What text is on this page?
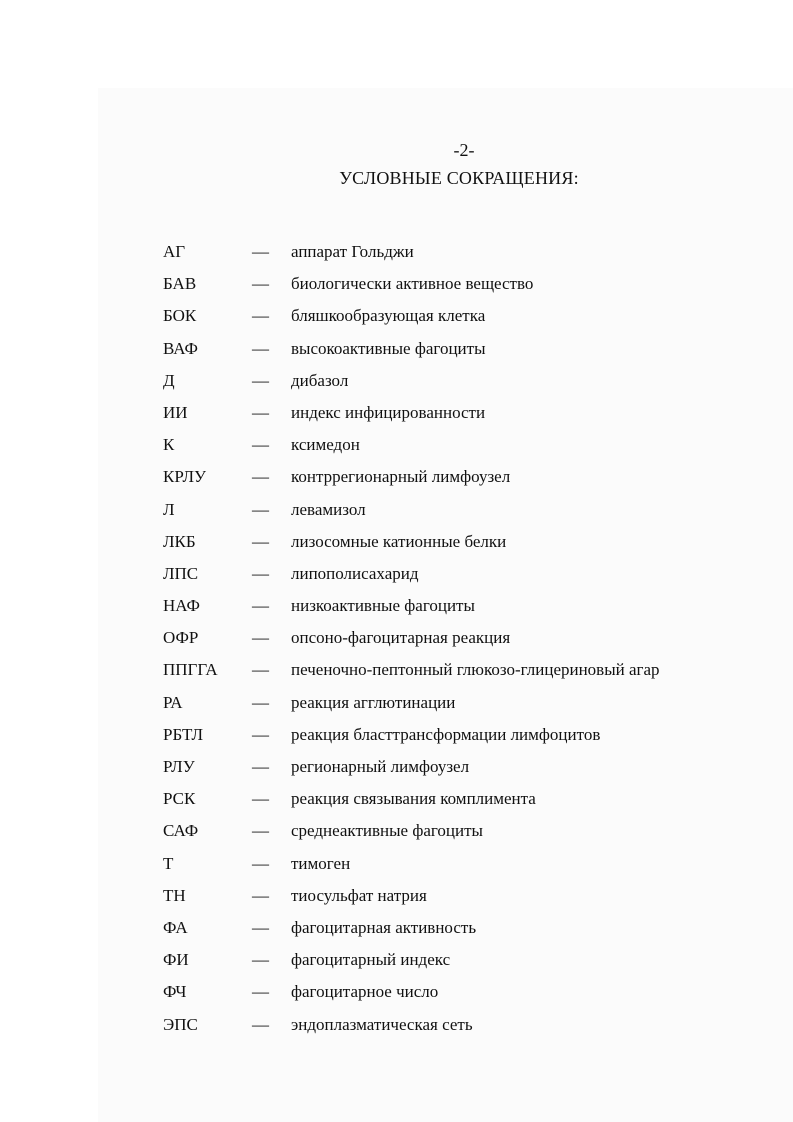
-2-
УСЛОВНЫЕ СОКРАЩЕНИЯ:
АГ	— аппарат Гольджи
БАВ	— биологически активное вещество
БОК	— бляшкообразующая клетка
ВАФ	— высокоактивные фагоциты
Д	— дибазол
ИИ	— индекс инфицированности
К	— ксимедон
КРЛУ	— контррегионарный лимфоузел
Л	— левамизол
ЛКБ	— лизосомные катионные белки
ЛПС	— липополисахарид
НАФ	— низкоактивные фагоциты
ОФР	— опсоно-фагоцитарная реакция
ППГГА — печеночно-пептонный глюкозо-глицериновый агар
РА	— реакция агглютинации
РБТЛ	— реакция бласттрансформации лимфоцитов
РЛУ	— регионарный лимфоузел
РСК	— реакция связывания комплимента
САФ	— среднеактивные фагоциты
Т	— тимоген
ТН	— тиосульфат натрия
ФА	— фагоцитарная активность
ФИ	— фагоцитарный индекс
ФЧ	— фагоцитарное число
ЭПС	— эндоплазматическая сеть
